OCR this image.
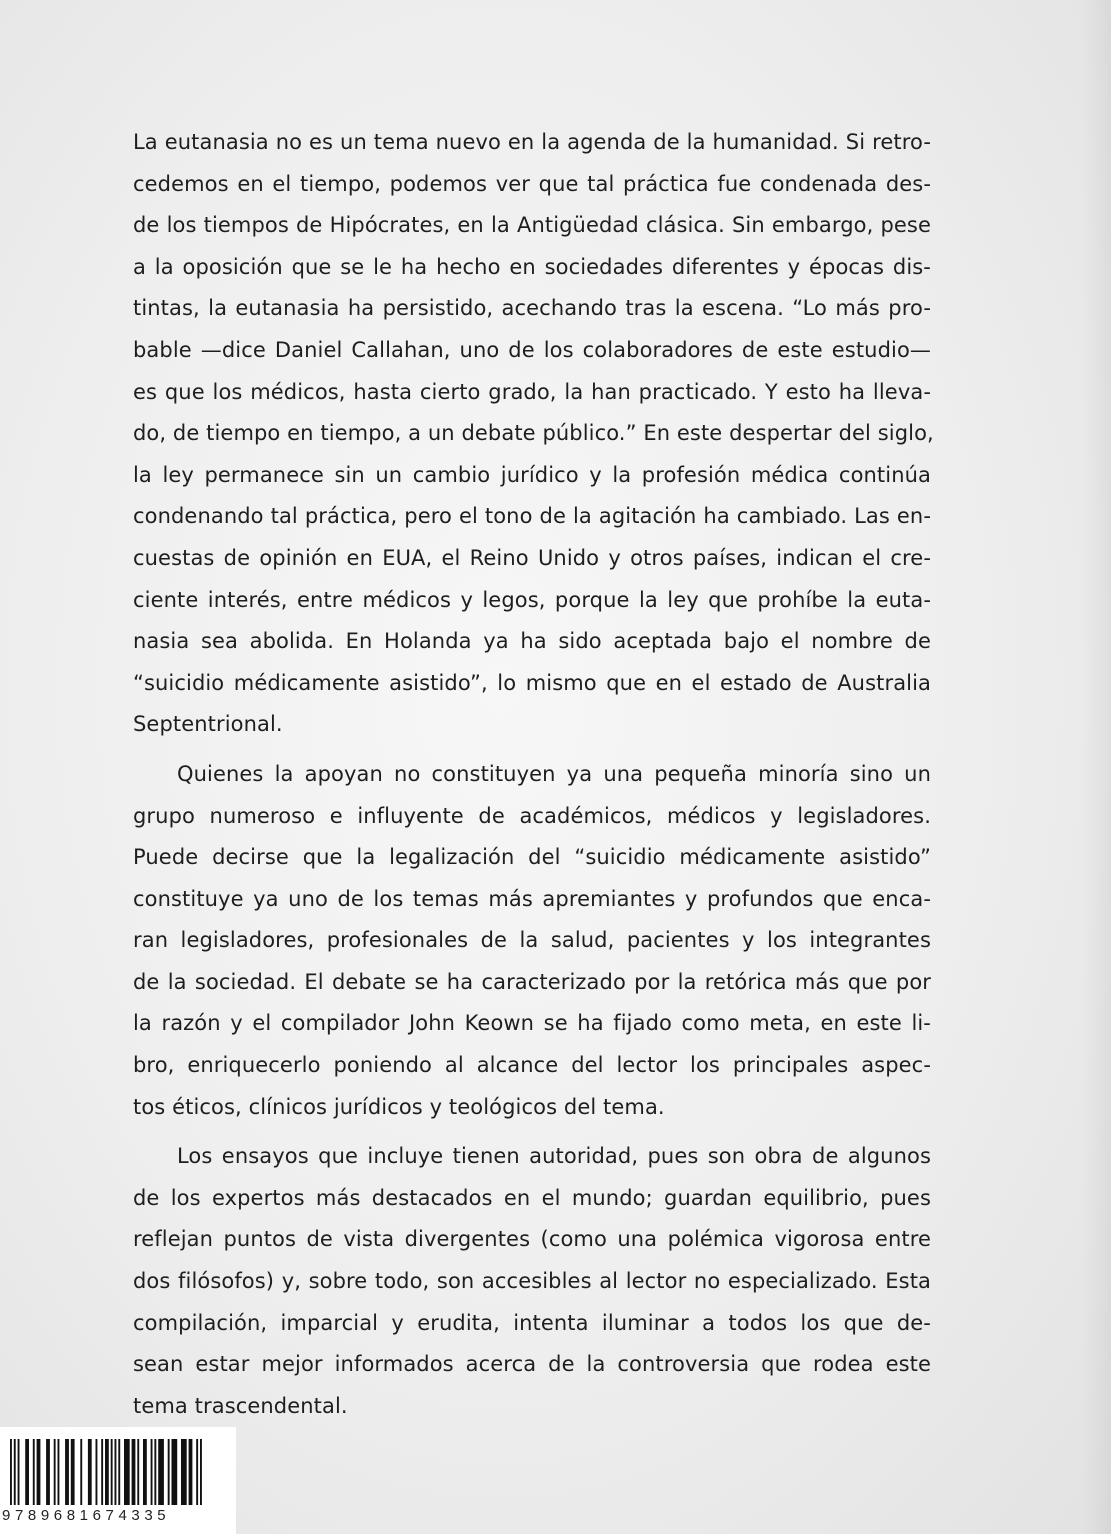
La eutanasia no es un tema nuevo en la agenda de la humanidad. Si retro-
cedemos en el tiempo, podemos ver que tal práctica fue condenada des-
de los tiempos de Hipócrates, en la Antigüedad clásica. Sin embargo, pese
a la oposición que se le ha hecho en sociedades diferentes y épocas dis-
tintas, la eutanasia ha persistido, acechando tras la escena. “Lo más pro-
bable —dice Daniel Callahan, uno de los colaboradores de este estudio—
es que los médicos, hasta cierto grado, la han practicado. Y esto ha lleva-
do, de tiempo en tiempo, a un debate público.” En este despertar del siglo,
la ley permanece sin un cambio jurídico y la profesión médica continúa
condenando tal práctica, pero el tono de la agitación ha cambiado. Las en-
cuestas de opinión en EUA, el Reino Unido y otros países, indican el cre-
ciente interés, entre médicos y legos, porque la ley que prohíbe la euta-
nasia sea abolida. En Holanda ya ha sido aceptada bajo el nombre de
“suicidio médicamente asistido”, lo mismo que en el estado de Australia
Septentrional.

Quienes la apoyan no constituyen ya una pequeña minoría sino un
grupo numeroso e influyente de académicos, médicos y legisladores.
Puede decirse que la legalización del “suicidio médicamente asistido”
constituye ya uno de los temas más apremiantes y profundos que enca-
ran legisladores, profesionales de la salud, pacientes y los integrantes
de la sociedad. El debate se ha caracterizado por la retórica más que por
la razón y el compilador John Keown se ha fijado como meta, en este li-
bro, enriquecerlo poniendo al alcance del lector los principales aspec-
tos éticos, clínicos jurídicos y teológicos del tema.

Los ensayos que incluye tienen autoridad, pues son obra de algunos
de los expertos más destacados en el mundo; guardan equilibrio, pues
reflejan puntos de vista divergentes (como una polémica vigorosa entre
dos filósofos) y, sobre todo, son accesibles al lector no especializado. Esta
compilación, imparcial y erudita, intenta iluminar a todos los que de-
sean estar mejor informados acerca de la controversia que rodea este
tema trascendental.

9789681674335
